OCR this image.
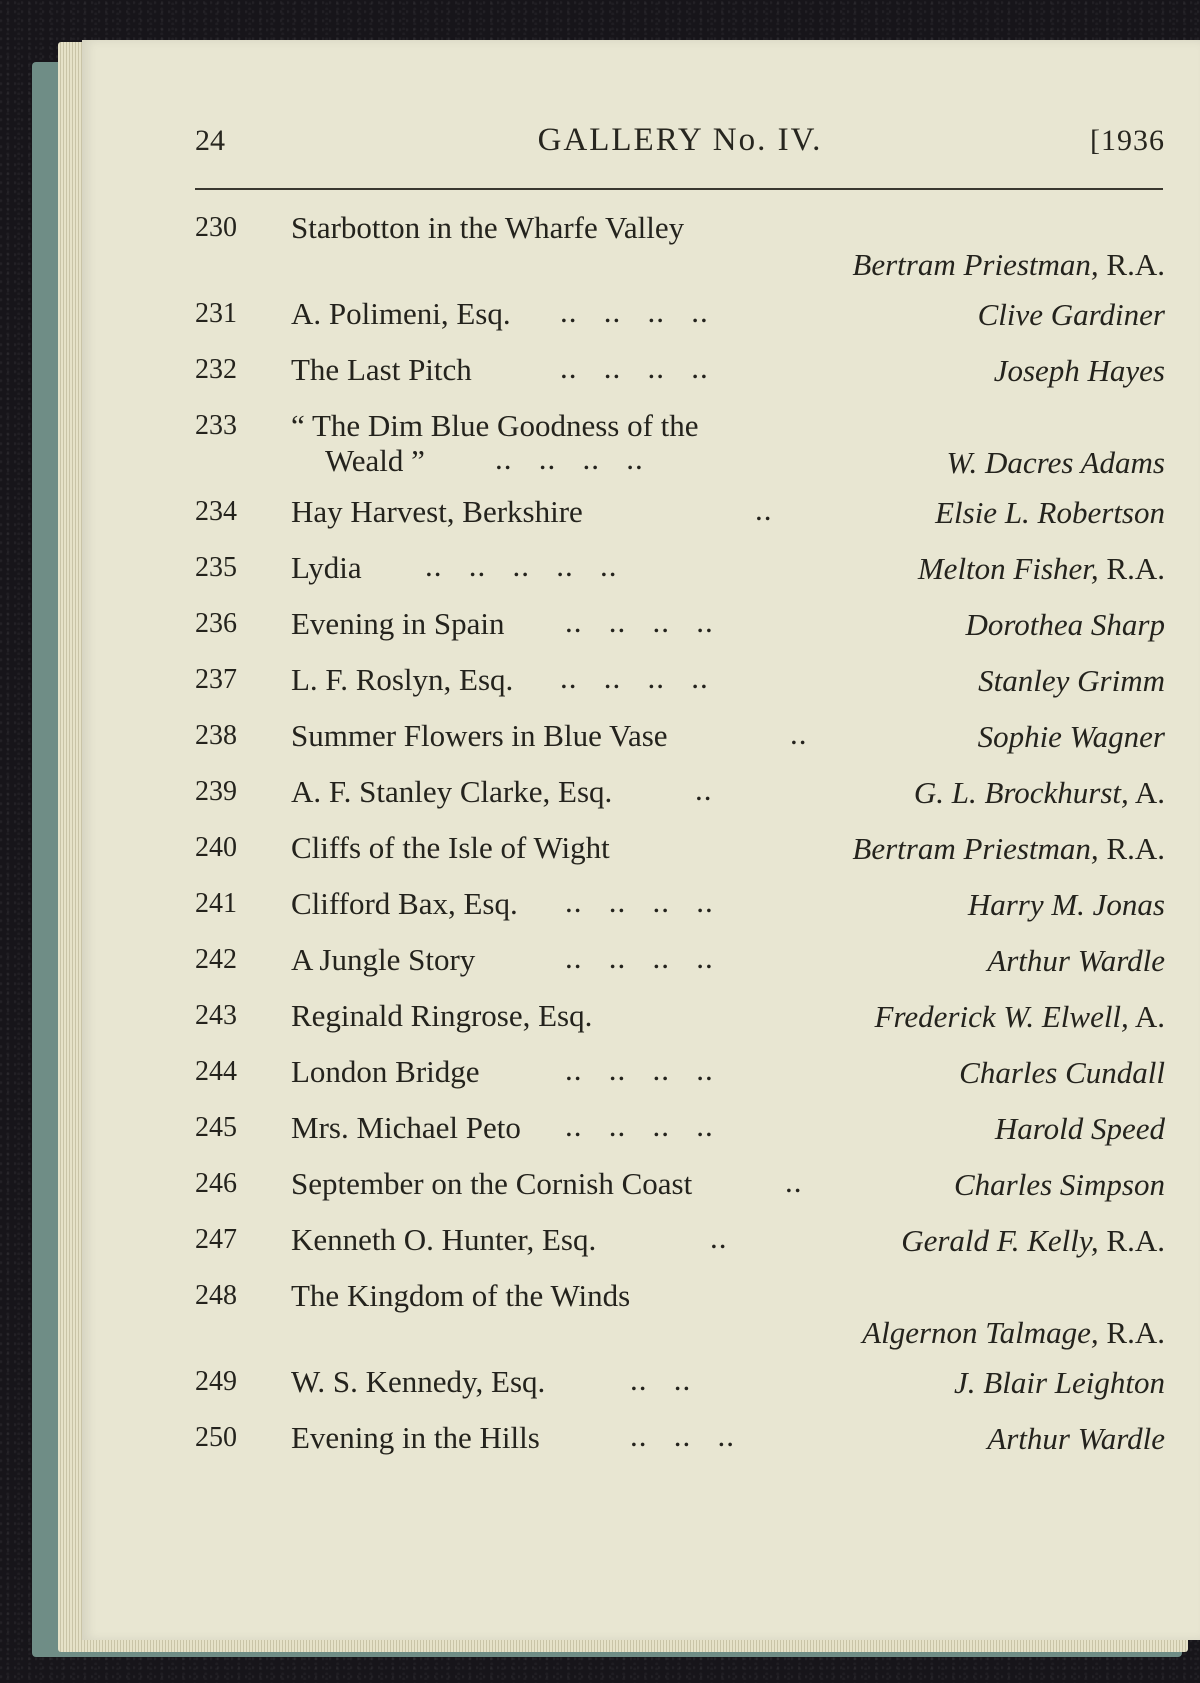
24	GALLERY No. IV.	[1936
230 Starbotton in the Wharfe Valley
Bertram Priestman, R.A.
231 A. Polimeni, Esq. ..   ..   ..   ..	Clive Gardiner
232 The Last Pitch	..   ..   ..   ..	Joseph Hayes
233 “ The Dim Blue Goodness of the
Weald ” ..   ..   ..   ..	W. Dacres Adams
234 Hay Harvest, Berkshire	..	Elsie L. Robertson
235 Lydia ..   ..   ..   ..   ..	Melton Fisher, R.A.
236 Evening in Spain ..   ..   ..   ..	Dorothea Sharp
237 L. F. Roslyn, Esq. ..   ..   ..   ..	Stanley Grimm
238 Summer Flowers in Blue Vase	..	Sophie Wagner
239 A. F. Stanley Clarke, Esq.	..	G. L. Brockhurst, A.
240 Cliffs of the Isle of Wight	Bertram Priestman, R.A.
241 Clifford Bax, Esq. ..   ..   ..   ..	Harry M. Jonas
242 A Jungle Story	..   ..   ..   ..	Arthur Wardle
243 Reginald Ringrose, Esq.	Frederick W. Elwell, A.
244 London Bridge	..   ..   ..   ..	Charles Cundall
245 Mrs. Michael Peto ..   ..   ..   ..	Harold Speed
246 September on the Cornish Coast	..	Charles Simpson
247 Kenneth O. Hunter, Esq.	..	Gerald F. Kelly, R.A.
248 The Kingdom of the Winds
Algernon Talmage, R.A.
249 W. S. Kennedy, Esq.	..   ..	J. Blair Leighton
250 Evening in the Hills	..   ..   ..	Arthur Wardle
